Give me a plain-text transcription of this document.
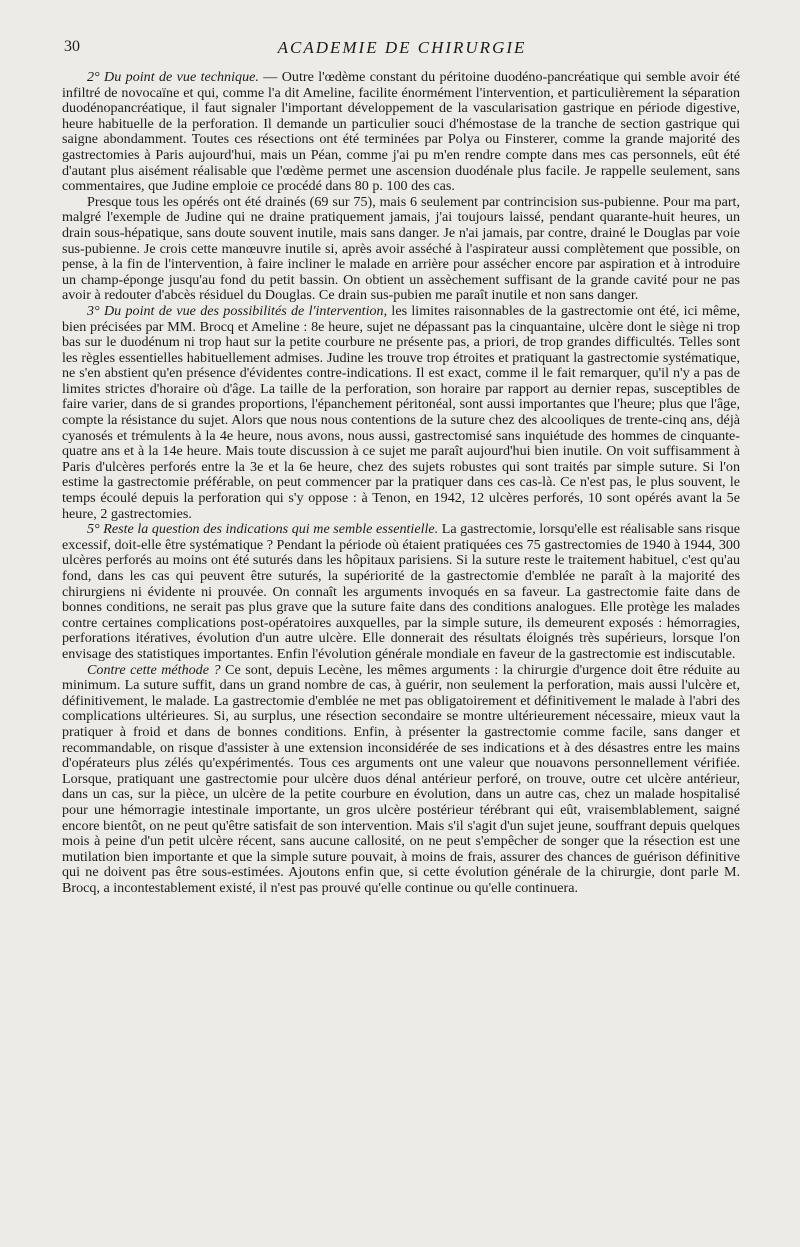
30	ACADEMIE DE CHIRURGIE

2° Du point de vue technique. — Outre l'œdème constant du péritoine duodéno-pancréatique qui semble avoir été infiltré de novocaïne et qui, comme l'a dit Ameline, facilite énormément l'intervention, et particulièrement la séparation duodénopancréatique, il faut signaler l'important développement de la vascularisation gastrique en période digestive, heure habituelle de la perforation. Il demande un particulier souci d'hémostase de la tranche de section gastrique qui saigne abondamment. Toutes ces résections ont été terminées par Polya ou Finsterer, comme la grande majorité des gastrectomies à Paris aujourd'hui, mais un Péan, comme j'ai pu m'en rendre compte dans mes cas personnels, eût été d'autant plus aisément réalisable que l'œdème permet une ascension duodénale plus facile. Je rappelle seulement, sans commentaires, que Judine emploie ce procédé dans 80 p. 100 des cas.

Presque tous les opérés ont été drainés (69 sur 75), mais 6 seulement par contrincision sus-pubienne. Pour ma part, malgré l'exemple de Judine qui ne draine pratiquement jamais, j'ai toujours laissé, pendant quarante-huit heures, un drain sous-hépatique, sans doute souvent inutile, mais sans danger. Je n'ai jamais, par contre, drainé le Douglas par voie sus-pubienne. Je crois cette manœuvre inutile si, après avoir asséché à l'aspirateur aussi complètement que possible, on pense, à la fin de l'intervention, à faire incliner le malade en arrière pour assécher encore par aspiration et à introduire un champ-éponge jusqu'au fond du petit bassin. On obtient un assèchement suffisant de la grande cavité pour ne pas avoir à redouter d'abcès résiduel du Douglas. Ce drain sus-pubien me paraît inutile et non sans danger.

3° Du point de vue des possibilités de l'intervention, les limites raisonnables de la gastrectomie ont été, ici même, bien précisées par MM. Brocq et Ameline : 8e heure, sujet ne dépassant pas la cinquantaine, ulcère dont le siège ni trop bas sur le duodénum ni trop haut sur la petite courbure ne présente pas, a priori, de trop grandes difficultés. Telles sont les règles essentielles habituellement admises. Judine les trouve trop étroites et pratiquant la gastrectomie systématique, ne s'en abstient qu'en présence d'évidentes contre-indications. Il est exact, comme il le fait remarquer, qu'il n'y a pas de limites strictes d'horaire où d'âge. La taille de la perforation, son horaire par rapport au dernier repas, susceptibles de faire varier, dans de si grandes proportions, l'épanchement péritonéal, sont aussi importantes que l'heure; plus que l'âge, compte la résistance du sujet. Alors que nous nous contentions de la suture chez des alcooliques de trente-cinq ans, déjà cyanosés et trémulents à la 4e heure, nous avons, nous aussi, gastrectomisé sans inquiétude des hommes de cinquante-quatre ans et à la 14e heure. Mais toute discussion à ce sujet me paraît aujourd'hui bien inutile. On voit suffisamment à Paris d'ulcères perforés entre la 3e et la 6e heure, chez des sujets robustes qui sont traités par simple suture. Si l'on estime la gastrectomie préférable, on peut commencer par la pratiquer dans ces cas-là. Ce n'est pas, le plus souvent, le temps écoulé depuis la perforation qui s'y oppose : à Tenon, en 1942, 12 ulcères perforés, 10 sont opérés avant la 5e heure, 2 gastrectomies.

5° Reste la question des indications qui me semble essentielle. La gastrectomie, lorsqu'elle est réalisable sans risque excessif, doit-elle être systématique ? Pendant la période où étaient pratiquées ces 75 gastrectomies de 1940 à 1944, 300 ulcères perforés au moins ont été suturés dans les hôpitaux parisiens. Si la suture reste le traitement habituel, c'est qu'au fond, dans les cas qui peuvent être suturés, la supériorité de la gastrectomie d'emblée ne paraît à la majorité des chirurgiens ni évidente ni prouvée. On connaît les arguments invoqués en sa faveur. La gastrectomie faite dans de bonnes conditions, ne serait pas plus grave que la suture faite dans des conditions analogues. Elle protège les malades contre certaines complications post-opératoires auxquelles, par la simple suture, ils demeurent exposés : hémorragies, perforations itératives, évolution d'un autre ulcère. Elle donnerait des résultats éloignés très supérieurs, lorsque l'on envisage des statistiques importantes. Enfin l'évolution générale mondiale en faveur de la gastrectomie est indiscutable.

Contre cette méthode ? Ce sont, depuis Lecène, les mêmes arguments : la chirurgie d'urgence doit être réduite au minimum. La suture suffit, dans un grand nombre de cas, à guérir, non seulement la perforation, mais aussi l'ulcère et, définitivement, le malade. La gastrectomie d'emblée ne met pas obligatoirement et définitivement le malade à l'abri des complications ultérieures. Si, au surplus, une résection secondaire se montre ultérieurement nécessaire, mieux vaut la pratiquer à froid et dans de bonnes conditions. Enfin, à présenter la gastrectomie comme facile, sans danger et recommandable, on risque d'assister à une extension inconsidérée de ses indications et à des désastres entre les mains d'opérateurs plus zélés qu'expérimentés. Tous ces arguments ont une valeur que nouavons personnellement vérifiée. Lorsque, pratiquant une gastrectomie pour ulcère duos dénal antérieur perforé, on trouve, outre cet ulcère antérieur, dans un cas, sur la pièce, un ulcère de la petite courbure en évolution, dans un autre cas, chez un malade hospitalisé pour une hémorragie intestinale importante, un gros ulcère postérieur térébrant qui eût, vraisemblablement, saigné encore bientôt, on ne peut qu'être satisfait de son intervention. Mais s'il s'agit d'un sujet jeune, souffrant depuis quelques mois à peine d'un petit ulcère récent, sans aucune callosité, on ne peut s'empêcher de songer que la résection est une mutilation bien importante et que la simple suture pouvait, à moins de frais, assurer des chances de guérison définitive qui ne doivent pas être sous-estimées. Ajoutons enfin que, si cette évolution générale de la chirurgie, dont parle M. Brocq, a incontestablement existé, il n'est pas prouvé qu'elle continue ou qu'elle continuera.
